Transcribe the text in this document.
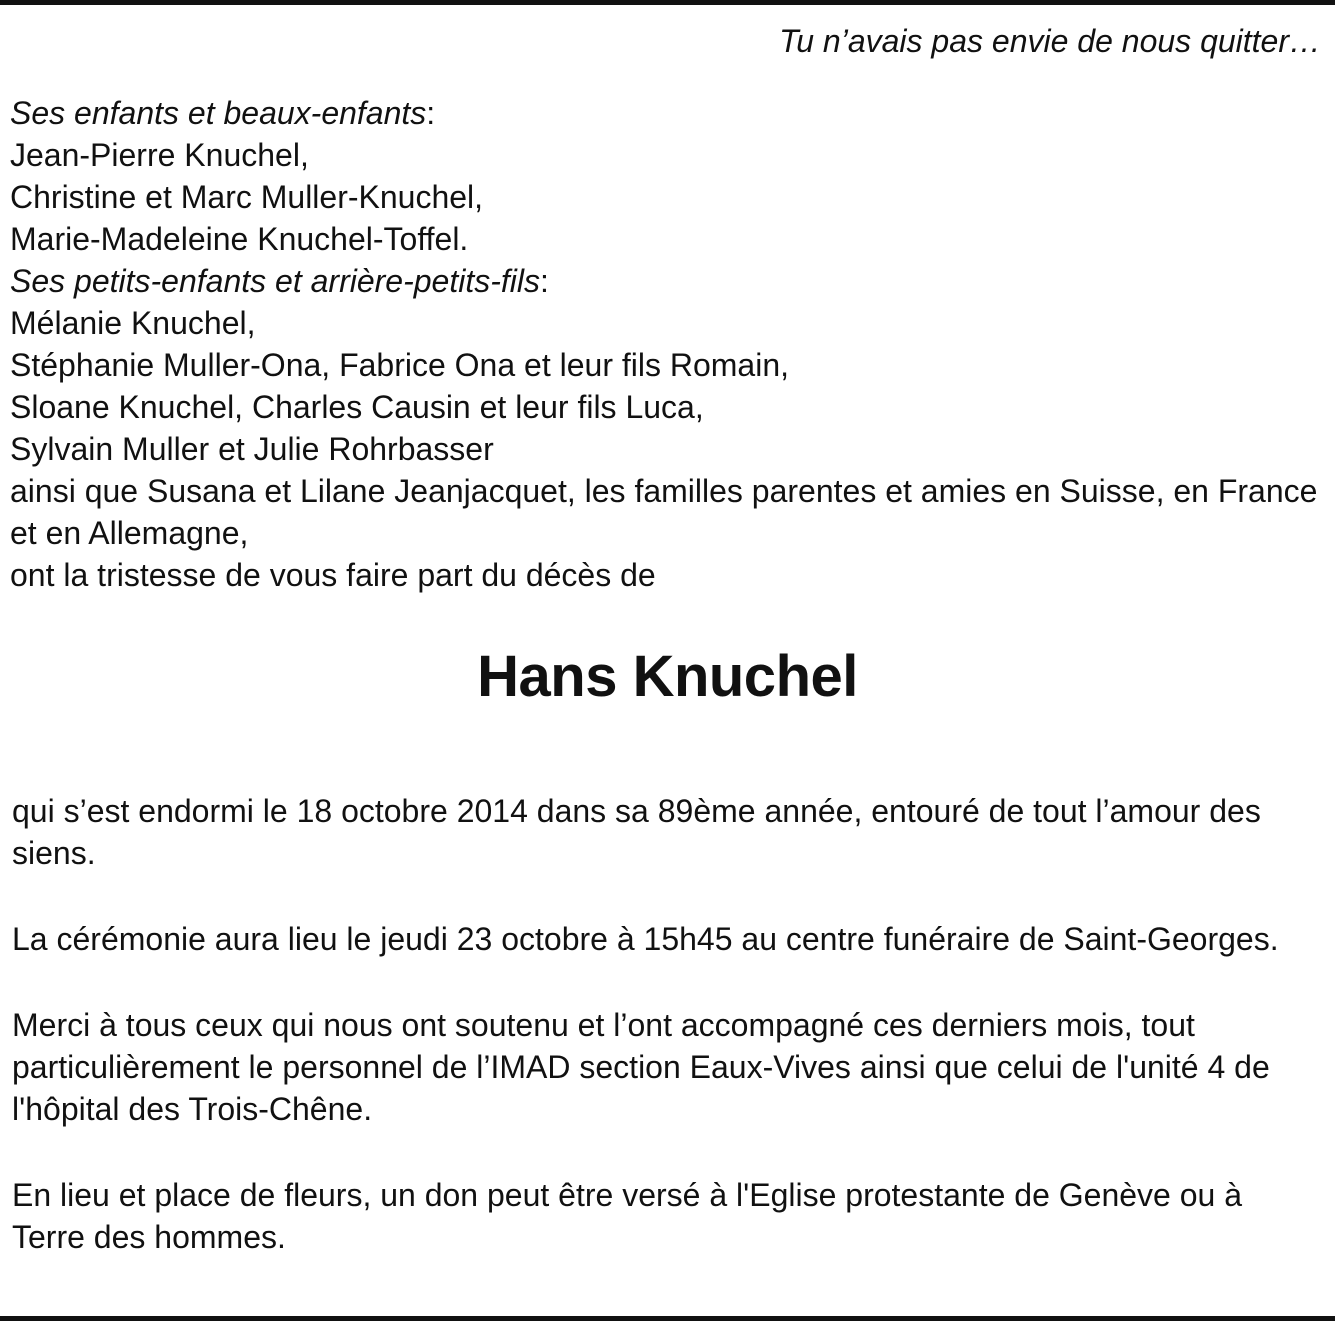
Tu n’avais pas envie de nous quitter…
Ses enfants et beaux-enfants:
Jean-Pierre Knuchel,
Christine et Marc Muller-Knuchel,
Marie-Madeleine Knuchel-Toffel.
Ses petits-enfants et arrière-petits-fils:
Mélanie Knuchel,
Stéphanie Muller-Ona, Fabrice Ona et leur fils Romain,
Sloane Knuchel, Charles Causin et leur fils Luca,
Sylvain Muller et Julie Rohrbasser
ainsi que Susana et Lilane Jeanjacquet, les familles parentes et amies en Suisse, en France et en Allemagne,
ont la tristesse de vous faire part du décès de
Hans Knuchel

qui s’est endormi le 18 octobre 2014 dans sa 89ème année, entouré de tout l’amour des siens.

La cérémonie aura lieu le jeudi 23 octobre à 15h45 au centre funéraire de Saint-Georges.

Merci à tous ceux qui nous ont soutenu et l’ont accompagné ces derniers mois, tout particulièrement le personnel de l’IMAD section Eaux-Vives ainsi que celui de l'unité 4 de l'hôpital des Trois-Chêne.

En lieu et place de fleurs, un don peut être versé à l'Eglise protestante de Genève ou à Terre des hommes.
